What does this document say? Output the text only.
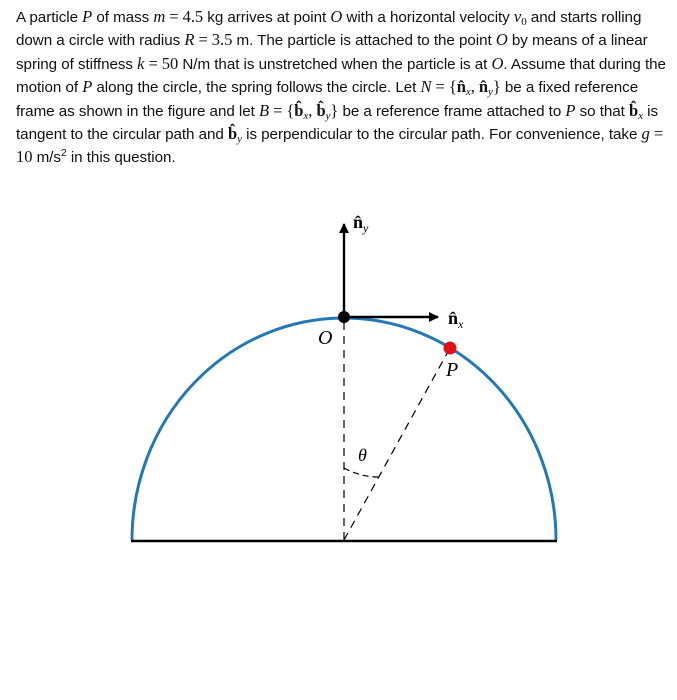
A particle P of mass m = 4.5 kg arrives at point O with a horizontal velocity $v_0$ and starts rolling down a circle with radius R = 3.5 m. The particle is attached to the point O by means of a linear spring of stiffness k = 50 N/m that is unstretched when the particle is at O. Assume that during the motion of P along the circle, the spring follows the circle. Let $N = \{n̂_x$, $n̂_y$} be a fixed reference frame as shown in the figure and let $B = \{b̂_x$, $b̂_y$} be a reference frame attached to P so that $b̂_x$ is tangent to the circular path and $b̂_y$ is perpendicular to the circular path. For convenience, take g = 10 $m/s^2$ in this question.
$n̂_y$
$n̂_x$
O
P
θ
